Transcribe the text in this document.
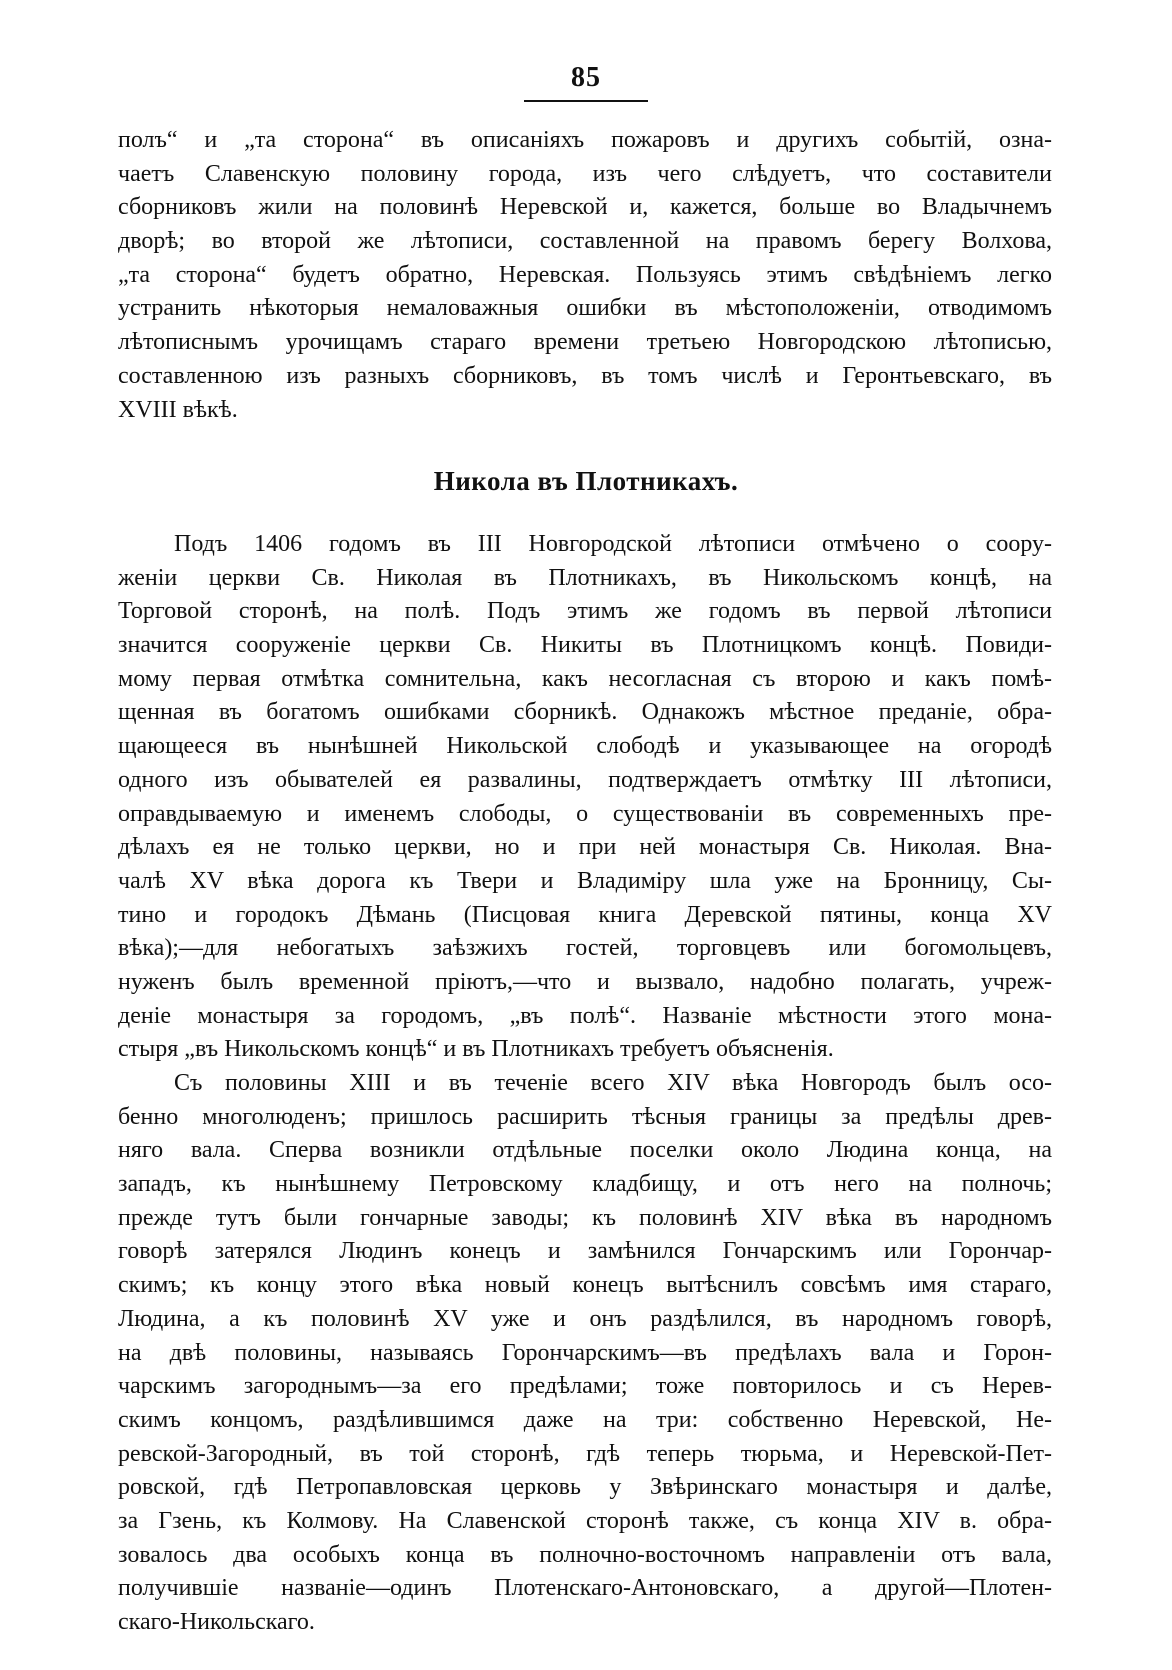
85
полъ“ и „та сторона“ въ описаніяхъ пожаровъ и другихъ событій, озна-
чаетъ Славенскую половину города, изъ чего слѣдуетъ, что составители
сборниковъ жили на половинѣ Неревской и, кажется, больше во Владычнемъ
дворѣ; во второй же лѣтописи, составленной на правомъ берегу Волхова,
„та сторона“ будетъ обратно, Неревская. Пользуясь этимъ свѣдѣніемъ легко
устранить нѣкоторыя немаловажныя ошибки въ мѣстоположеніи, отводимомъ
лѣтописнымъ урочищамъ стараго времени третьею Новгородскою лѣтописью,
составленною изъ разныхъ сборниковъ, въ томъ числѣ и Геронтьевскаго, въ
XVIII вѣкѣ.
Никола въ Плотникахъ.
Подъ 1406 годомъ въ III Новгородской лѣтописи отмѣчено о соору-
женіи церкви Св. Николая въ Плотникахъ, въ Никольскомъ концѣ, на
Торговой сторонѣ, на полѣ. Подъ этимъ же годомъ въ первой лѣтописи
значится сооруженіе церкви Св. Никиты въ Плотницкомъ концѣ. Повиди-
мому первая отмѣтка сомнительна, какъ несогласная съ второю и какъ помѣ-
щенная въ богатомъ ошибками сборникѣ. Однакожъ мѣстное преданіе, обра-
щающееся въ нынѣшней Никольской слободѣ и указывающее на огородѣ
одного изъ обывателей ея развалины, подтверждаетъ отмѣтку III лѣтописи,
оправдываемую и именемъ слободы, о существованіи въ современныхъ пре-
дѣлахъ ея не только церкви, но и при ней монастыря Св. Николая. Вна-
чалѣ XV вѣка дорога къ Твери и Владиміру шла уже на Бронницу, Сы-
тино и городокъ Дѣмань (Писцовая книга Деревской пятины, конца XV
вѣка);—для небогатыхъ заѣзжихъ гостей, торговцевъ или богомольцевъ,
нуженъ былъ временной пріютъ,—что и вызвало, надобно полагать, учреж-
деніе монастыря за городомъ, „въ полѣ“. Названіе мѣстности этого мона-
стыря „въ Никольскомъ концѣ“ и въ Плотникахъ требуетъ объясненія.
Съ половины XIII и въ теченіе всего XIV вѣка Новгородъ былъ осо-
бенно многолюденъ; пришлось расширить тѣсныя границы за предѣлы древ-
няго вала. Сперва возникли отдѣльные поселки около Людина конца, на
западъ, къ нынѣшнему Петровскому кладбищу, и отъ него на полночь;
прежде тутъ были гончарные заводы; къ половинѣ XIV вѣка въ народномъ
говорѣ затерялся Людинъ конецъ и замѣнился Гончарскимъ или Горончар-
скимъ; къ концу этого вѣка новый конецъ вытѣснилъ совсѣмъ имя стараго,
Людина, а къ половинѣ XV уже и онъ раздѣлился, въ народномъ говорѣ,
на двѣ половины, называясь Горончарскимъ—въ предѣлахъ вала и Горон-
чарскимъ загороднымъ—за его предѣлами; тоже повторилось и съ Нерев-
скимъ концомъ, раздѣлившимся даже на три: собственно Неревской, Не-
ревской-Загородный, въ той сторонѣ, гдѣ теперь тюрьма, и Неревской-Пет-
ровской, гдѣ Петропавловская церковь у Звѣринскаго монастыря и далѣе,
за Гзень, къ Колмову. На Славенской сторонѣ также, съ конца XIV в. обра-
зовалось два особыхъ конца въ полночно-восточномъ направленіи отъ вала,
получившіе названіе—одинъ Плотенскаго-Антоновскаго, а другой—Плотен-
скаго-Никольскаго.
